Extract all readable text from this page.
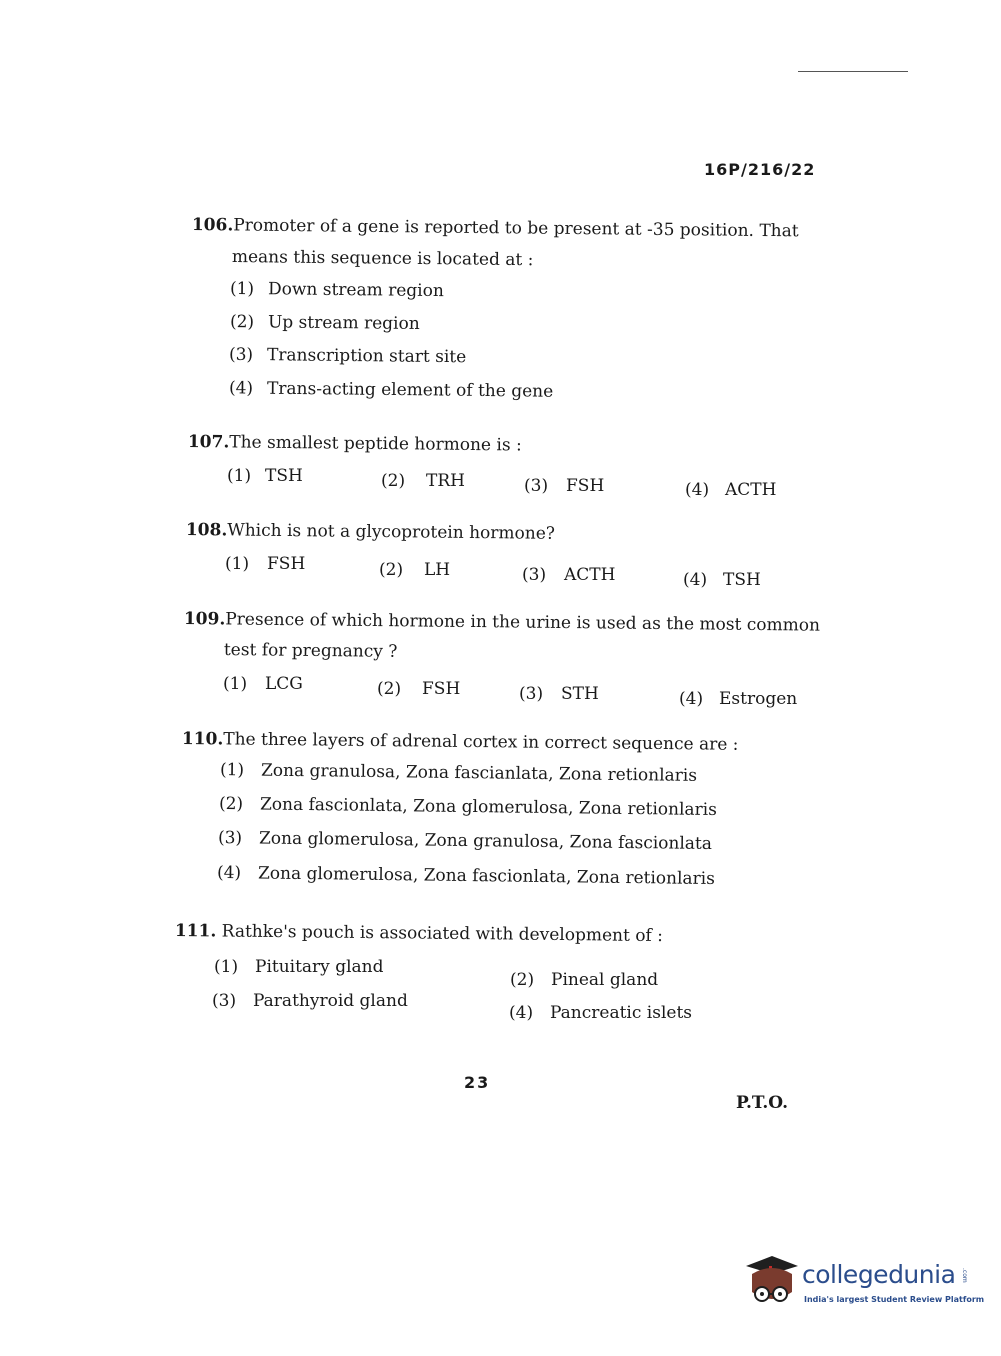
16P/216/22
106.Promoter of a gene is reported to be present at -35 position. That
means this sequence is located at :
(1) Down stream region
(2) Up stream region
(3) Transcription start site
(4) Trans-acting element of the gene
107.The smallest peptide hormone is :
(1) TSH	(2) TRH	(3) FSH	(4) ACTH
108.Which is not a glycoprotein hormone?
(1) FSH	(2) LH	(3) ACTH	(4) TSH
109.Presence of which hormone in the urine is used as the most common
test for pregnancy ?
(1) LCG	(2) FSH	(3) STH	(4) Estrogen
110.The three layers of adrenal cortex in correct sequence are :
(1) Zona granulosa, Zona fascianlata, Zona retionlaris
(2) Zona fascionlata, Zona glomerulosa, Zona retionlaris
(3) Zona glomerulosa, Zona granulosa, Zona fascionlata
(4) Zona glomerulosa, Zona fascionlata, Zona retionlaris
111. Rathke's pouch is associated with development of :
(1) Pituitary gland
(2) Pineal gland
(3) Parathyroid gland
(4) Pancreatic islets
23
P.T.O.
collegedunia .com
India's largest Student Review Platform
